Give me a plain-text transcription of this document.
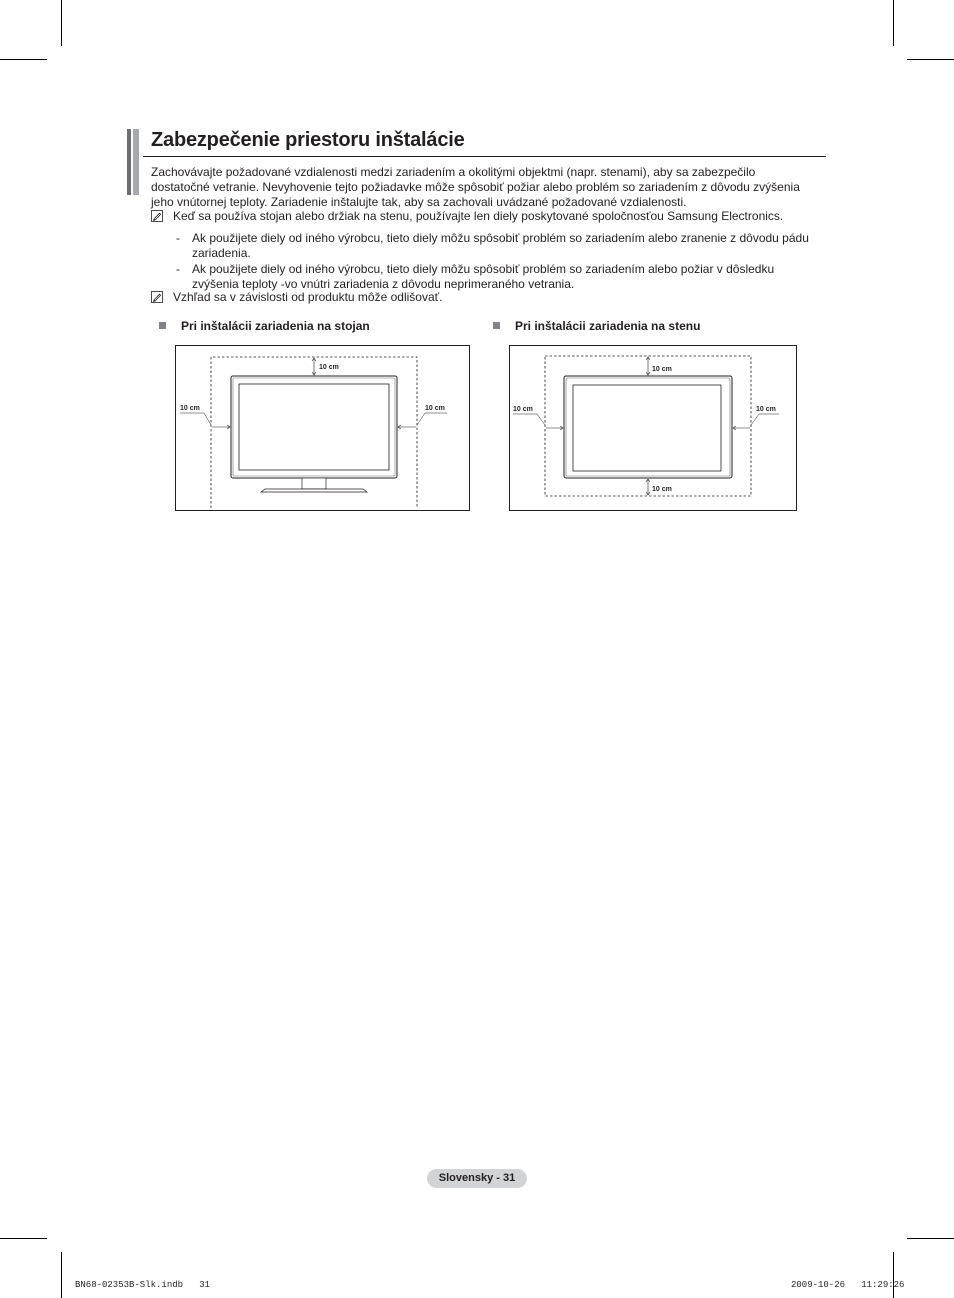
Zabezpečenie priestoru inštalácie
Zachovávajte požadované vzdialenosti medzi zariadením a okolitými objektmi (napr. stenami), aby sa zabezpečilo dostatočné vetranie. Nevyhovenie tejto požiadavke môže spôsobiť požiar alebo problém so zariadením z dôvodu zvýšenia jeho vnútornej teploty. Zariadenie inštalujte tak, aby sa zachovali uvádzané požadované vzdialenosti.
Keď sa používa stojan alebo držiak na stenu, používajte len diely poskytované spoločnosťou Samsung Electronics.
- Ak použijete diely od iného výrobcu, tieto diely môžu spôsobiť problém so zariadením alebo zranenie z dôvodu pádu zariadenia.
- Ak použijete diely od iného výrobcu, tieto diely môžu spôsobiť problém so zariadením alebo požiar v dôsledku zvýšenia teploty -vo vnútri zariadenia z dôvodu neprimeraného vetrania.
Vzhľad sa v závislosti od produktu môže odlišovať.
Pri inštalácii zariadenia na stojan	Pri inštalácii zariadenia na stenu
10 cm
10 cm	10 cm
10 cm
10 cm
10 cm	10 cm
Slovensky - 31
BN68-02353B-Slk.indb   31	2009-10-26   11:29:26
